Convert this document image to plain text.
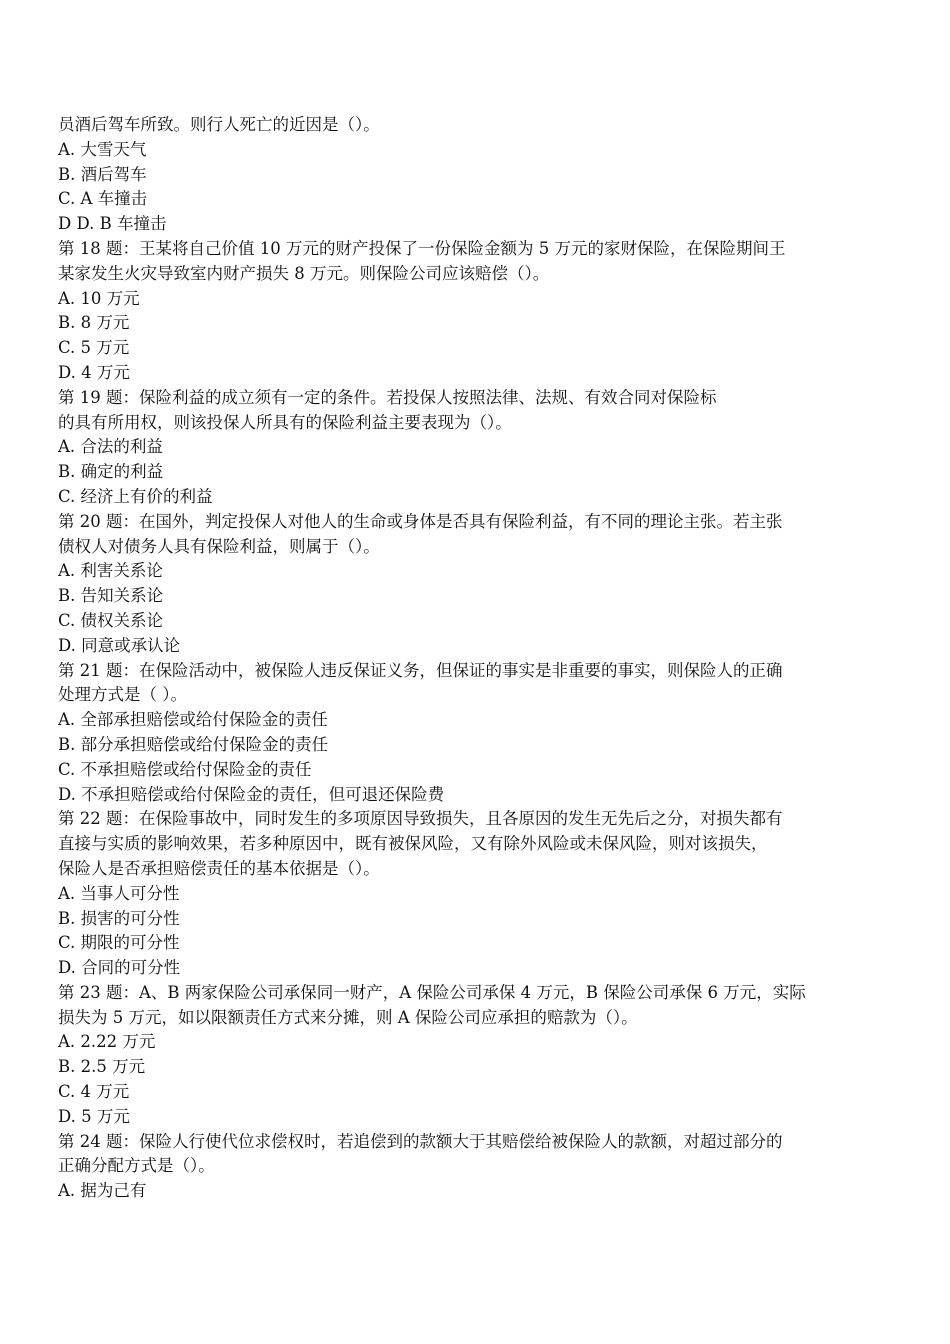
员酒后驾车所致。则行人死亡的近因是（）。
A. 大雪天气
B. 酒后驾车
C. A 车撞击
D D. B 车撞击
第 18 题：王某将自己价值 10 万元的财产投保了一份保险金额为 5 万元的家财保险，在保险期间王
某家发生火灾导致室内财产损失 8 万元。则保险公司应该赔偿（）。
A. 10 万元
B. 8 万元
C. 5 万元
D. 4 万元
第 19 题：保险利益的成立须有一定的条件。若投保人按照法律、法规、有效合同对保险标
的具有所用权，则该投保人所具有的保险利益主要表现为（）。
A. 合法的利益
B. 确定的利益
C. 经济上有价的利益
第 20 题：在国外，判定投保人对他人的生命或身体是否具有保险利益，有不同的理论主张。若主张
债权人对债务人具有保险利益，则属于（）。
A. 利害关系论
B. 告知关系论
C. 债权关系论
D. 同意或承认论
第 21 题：在保险活动中，被保险人违反保证义务，但保证的事实是非重要的事实，则保险人的正确
处理方式是（ ）。
A. 全部承担赔偿或给付保险金的责任
B. 部分承担赔偿或给付保险金的责任
C. 不承担赔偿或给付保险金的责任
D. 不承担赔偿或给付保险金的责任，但可退还保险费
第 22 题：在保险事故中，同时发生的多项原因导致损失，且各原因的发生无先后之分，对损失都有
直接与实质的影响效果，若多种原因中，既有被保风险，又有除外风险或未保风险，则对该损失，
保险人是否承担赔偿责任的基本依据是（）。
A. 当事人可分性
B. 损害的可分性
C. 期限的可分性
D. 合同的可分性
第 23 题：A、B 两家保险公司承保同一财产，A 保险公司承保 4 万元，B 保险公司承保 6 万元，实际
损失为 5 万元，如以限额责任方式来分摊，则 A 保险公司应承担的赔款为（）。
A. 2.22 万元
B. 2.5 万元
C. 4 万元
D. 5 万元
第 24 题：保险人行使代位求偿权时，若追偿到的款额大于其赔偿给被保险人的款额，对超过部分的
正确分配方式是（）。
A. 据为己有
